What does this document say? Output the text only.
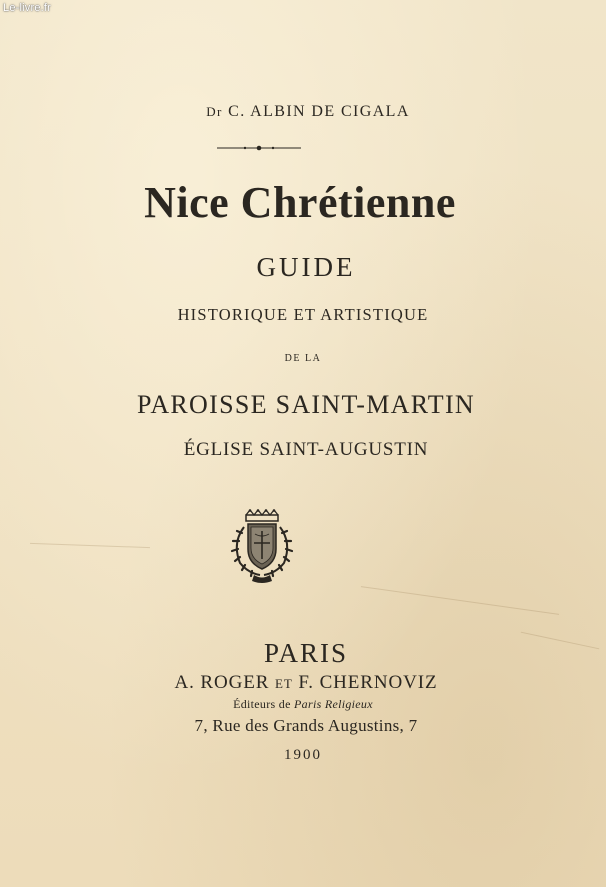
Le-livre.fr
Dr C. ALBIN DE CIGALA
Nice Chrétienne
GUIDE
HISTORIQUE ET ARTISTIQUE
DE LA
PAROISSE SAINT-MARTIN
ÉGLISE SAINT-AUGUSTIN
PARIS
A. ROGER ET F. CHERNOVIZ
Éditeurs de Paris Religieux
7, Rue des Grands Augustins, 7
1900
